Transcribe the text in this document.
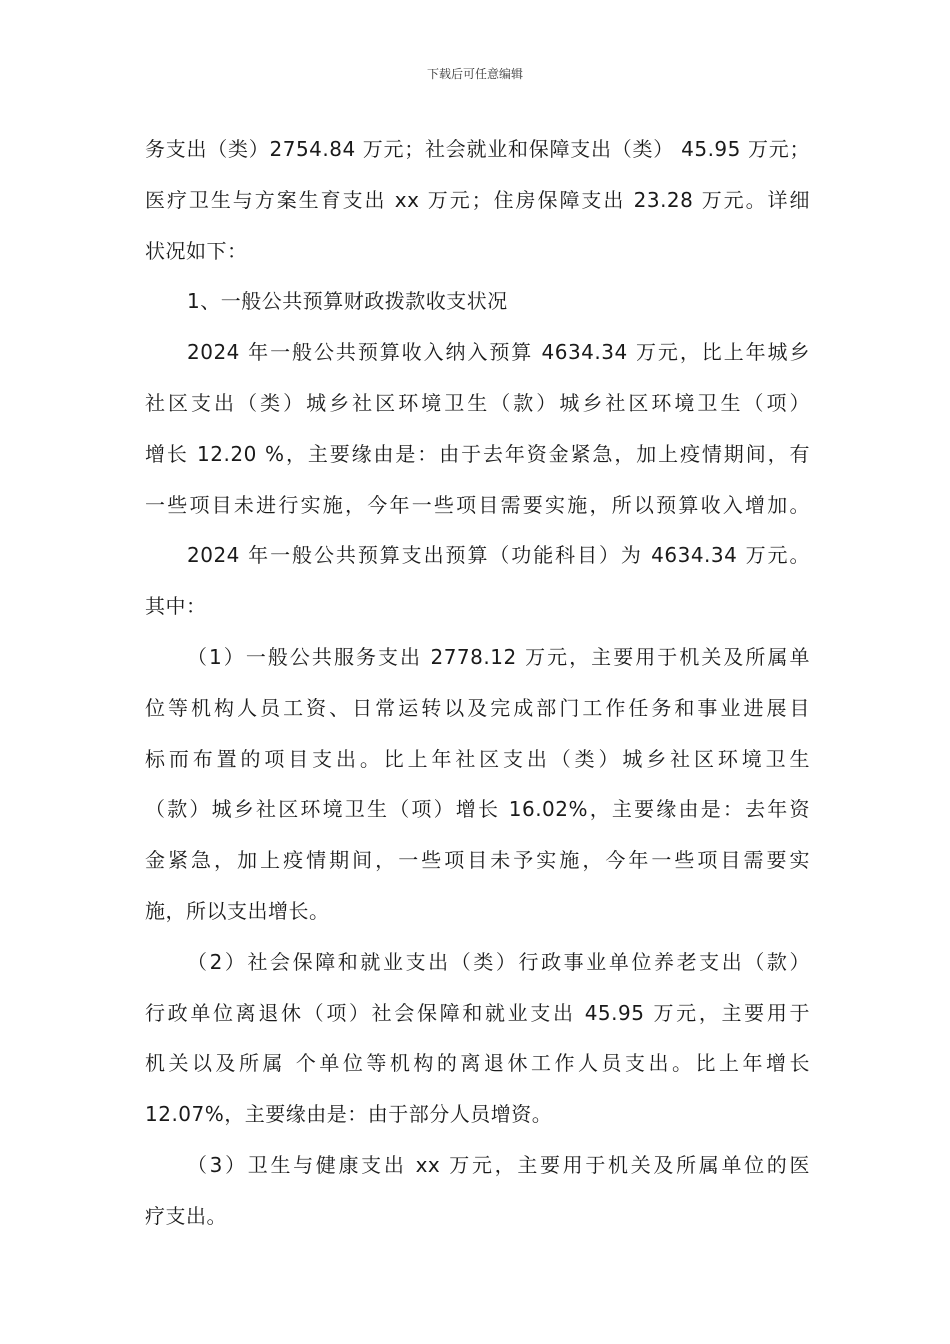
下载后可任意编辑
务支出（类）2754.84 万元；社会就业和保障支出（类） 45.95 万元；
医疗卫生与方案生育支出 xx 万元；住房保障支出 23.28 万元。详细
状况如下：
1、一般公共预算财政拨款收支状况
2024 年一般公共预算收入纳入预算 4634.34 万元，比上年城乡
社区支出（类）城乡社区环境卫生（款）城乡社区环境卫生（项）
增长 12.20 %，主要缘由是：由于去年资金紧急，加上疫情期间，有
一些项目未进行实施，今年一些项目需要实施，所以预算收入增加。
2024 年一般公共预算支出预算（功能科目）为 4634.34 万元。
其中：
（1）一般公共服务支出 2778.12 万元，主要用于机关及所属单
位等机构人员工资、日常运转以及完成部门工作任务和事业进展目
标而布置的项目支出。比上年社区支出（类）城乡社区环境卫生
（款）城乡社区环境卫生（项）增长 16.02%，主要缘由是：去年资
金紧急，加上疫情期间，一些项目未予实施，今年一些项目需要实
施，所以支出增长。
（2）社会保障和就业支出（类）行政事业单位养老支出（款）
行政单位离退休（项）社会保障和就业支出 45.95 万元，主要用于
机关以及所属 个单位等机构的离退休工作人员支出。比上年增长
12.07%，主要缘由是：由于部分人员增资。
（3）卫生与健康支出 xx 万元，主要用于机关及所属单位的医
疗支出。
